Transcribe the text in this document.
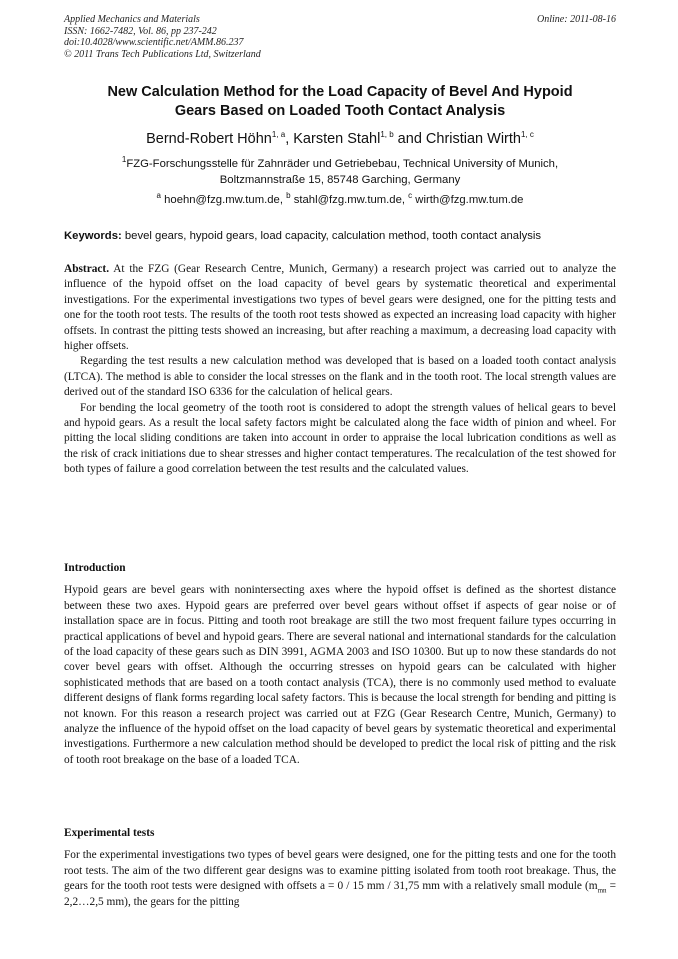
Applied Mechanics and Materials
ISSN: 1662-7482, Vol. 86, pp 237-242
doi:10.4028/www.scientific.net/AMM.86.237
© 2011 Trans Tech Publications Ltd, Switzerland
Online: 2011-08-16
New Calculation Method for the Load Capacity of Bevel And Hypoid
Gears Based on Loaded Tooth Contact Analysis
Bernd-Robert Höhn$^{1, a}$, Karsten Stahl$^{1, b}$ and Christian Wirth$^{1, c}$
$^1$FZG-Forschungsstelle für Zahnräder und Getriebebau, Technical University of Munich,
Boltzmannstraße 15, 85748 Garching, Germany
$^a$ hoehn@fzg.mw.tum.de, $^b$ stahl@fzg.mw.tum.de, $^c$ wirth@fzg.mw.tum.de
Keywords: bevel gears, hypoid gears, load capacity, calculation method, tooth contact analysis

Abstract. At the FZG (Gear Research Centre, Munich, Germany) a research project was carried out to analyze the influence of the hypoid offset on the load capacity of bevel gears by systematic theoretical and experimental investigations. For the experimental investigations two types of bevel gears were designed, one for the pitting tests and one for the tooth root tests. The results of the tooth root tests showed as expected an increasing load capacity with higher offsets. In contrast the pitting tests showed an increasing, but after reaching a maximum, a decreasing load capacity with higher offsets.

Regarding the test results a new calculation method was developed that is based on a loaded tooth contact analysis (LTCA). The method is able to consider the local stresses on the flank and in the tooth root. The local strength values are derived out of the standard ISO 6336 for the calculation of helical gears.

For bending the local geometry of the tooth root is considered to adopt the strength values of helical gears to bevel and hypoid gears. As a result the local safety factors might be calculated along the face width of pinion and wheel. For pitting the local sliding conditions are taken into account in order to appraise the local lubrication conditions as well as the risk of crack initiations due to shear stresses and higher contact temperatures. The recalculation of the test showed for both types of failure a good correlation between the test results and the calculated values.

Introduction

Hypoid gears are bevel gears with nonintersecting axes where the hypoid offset is defined as the shortest distance between these two axes. Hypoid gears are preferred over bevel gears without offset if aspects of gear noise or of installation space are in focus. Pitting and tooth root breakage are still the two most frequent failure types occurring in practical applications of bevel and hypoid gears. There are several national and international standards for the calculation of the load capacity of these gears such as DIN 3991, AGMA 2003 and ISO 10300. But up to now these standards do not cover bevel gears with offset. Although the occurring stresses on hypoid gears can be calculated with higher sophisticated methods that are based on a tooth contact analysis (TCA), there is no commonly used method to evaluate different designs of flank forms regarding local safety factors. This is because the local strength for bending and pitting is not known. For this reason a research project was carried out at FZG (Gear Research Centre, Munich, Germany) to analyze the influence of the hypoid offset on the load capacity of bevel gears by systematic theoretical and experimental investigations. Furthermore a new calculation method should be developed to predict the local risk of pitting and the risk of tooth root breakage on the base of a loaded TCA.

Experimental tests

For the experimental investigations two types of bevel gears were designed, one for the pitting tests and one for the tooth root tests. The aim of the two different gear designs was to examine pitting isolated from tooth root breakage. Thus, the gears for the tooth root tests were designed with offsets a = 0 / 15 mm / 31,75 mm with a relatively small module ($m_{mn}$ = 2,2…2,5 mm), the gears for the pitting
